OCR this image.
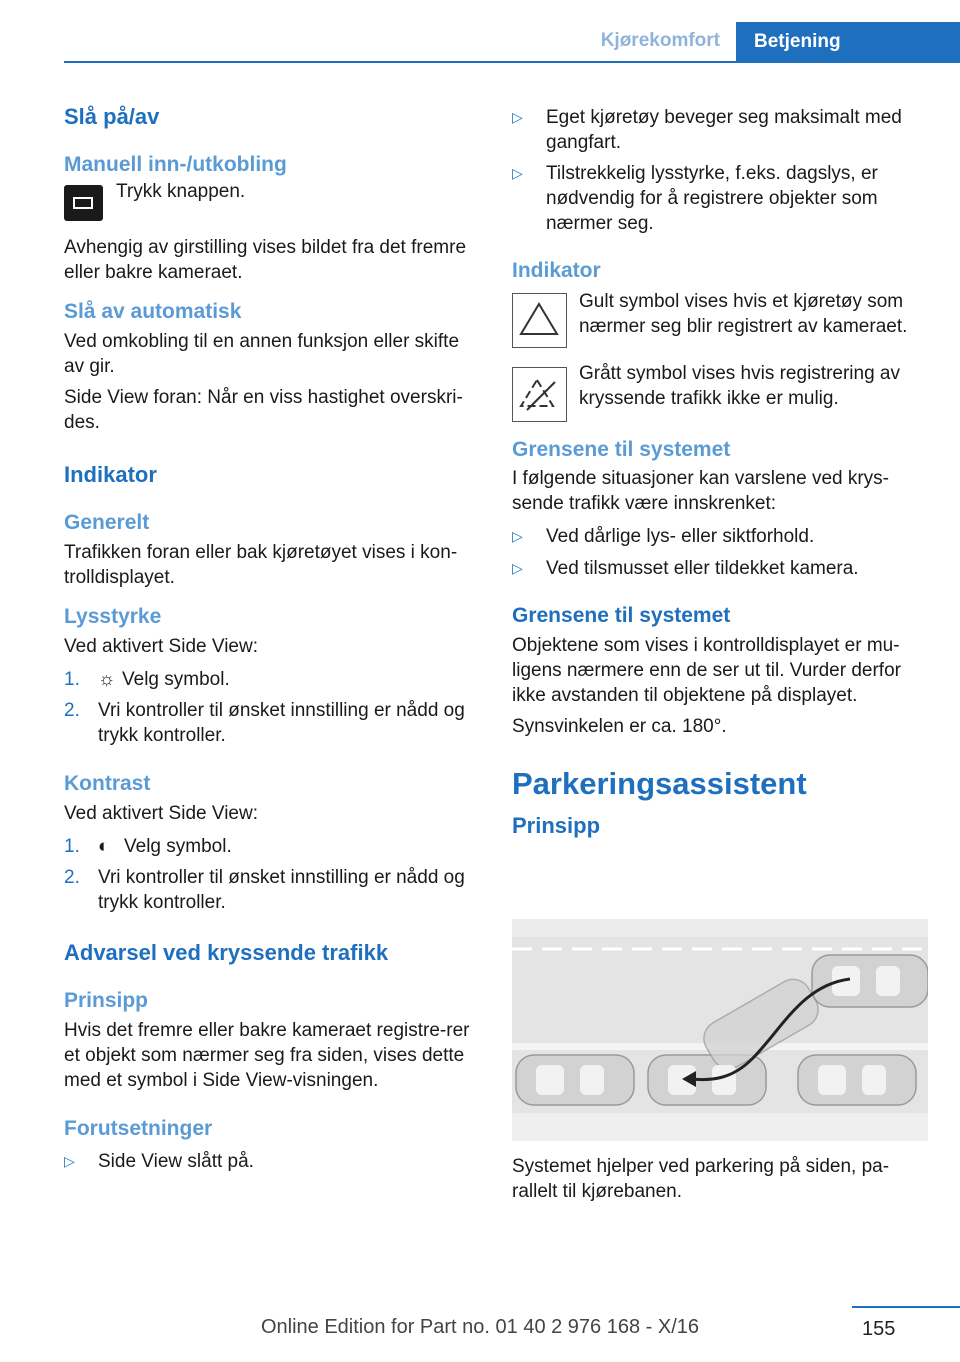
Kjørekomfort	Betjening

Slå på/av

Manuell inn-/utkobling

Trykk knappen.

Avhengig av girstilling vises bildet fra det fremre eller bakre kameraet.

Slå av automatisk

Ved omkobling til en annen funksjon eller skifte av gir.

Side View foran: Når en viss hastighet overskri‐des.

Indikator

Generelt

Trafikken foran eller bak kjøretøyet vises i kon‐trolldisplayet.

Lysstyrke

Ved aktivert Side View:

1. ☼ Velg symbol.
2. Vri kontroller til ønsket innstilling er nådd og trykk kontroller.

Kontrast

Ved aktivert Side View:

1. ◐ Velg symbol.
2. Vri kontroller til ønsket innstilling er nådd og trykk kontroller.

Advarsel ved kryssende trafikk

Prinsipp

Hvis det fremre eller bakre kameraet registre‐rer et objekt som nærmer seg fra siden, vises dette med et symbol i Side View-visningen.

Forutsetninger

▷ Side View slått på.
▷ Eget kjøretøy beveger seg maksimalt med gangfart.
▷ Tilstrekkelig lysstyrke, f.eks. dagslys, er nødvendig for å registrere objekter som nærmer seg.

Indikator

Gult symbol vises hvis et kjøretøy som nærmer seg blir registrert av kameraet.

Grått symbol vises hvis registrering av kryssende trafikk ikke er mulig.

Grensene til systemet

I følgende situasjoner kan varslene ved krys‐sende trafikk være innskrenket:

▷ Ved dårlige lys- eller siktforhold.
▷ Ved tilsmusset eller tildekket kamera.

Grensene til systemet

Objektene som vises i kontrolldisplayet er mu‐ligens nærmere enn de ser ut til. Vurder derfor ikke avstanden til objektene på displayet.

Synsvinkelen er ca. 180°.

Parkeringsassistent

Prinsipp

Systemet hjelper ved parkering på siden, pa‐rallelt til kjørebanen.

155
Online Edition for Part no. 01 40 2 976 168 - X/16
